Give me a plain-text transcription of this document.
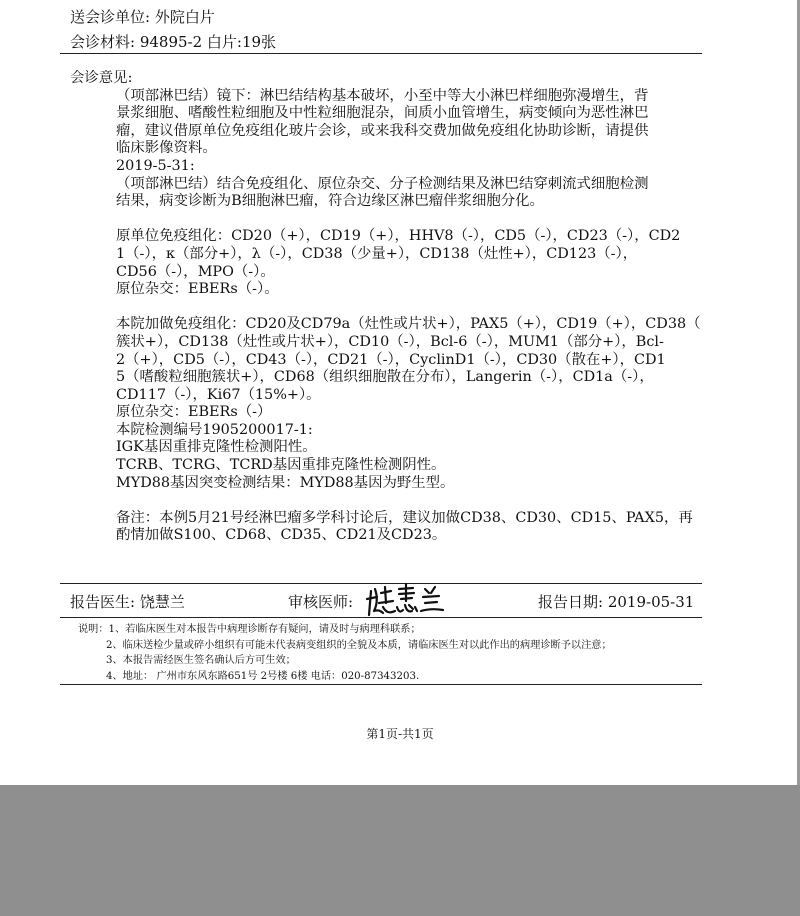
送会诊单位: 外院白片
会诊材料: 94895-2 白片:19张
会诊意见:
（项部淋巴结）镜下：淋巴结结构基本破坏，小至中等大小淋巴样细胞弥漫增生，背
景浆细胞、嗜酸性粒细胞及中性粒细胞混杂，间质小血管增生，病变倾向为恶性淋巴
瘤，建议借原单位免疫组化玻片会诊，或来我科交费加做免疫组化协助诊断，请提供
临床影像资料。
2019-5-31:
（项部淋巴结）结合免疫组化、原位杂交、分子检测结果及淋巴结穿刺流式细胞检测
结果，病变诊断为B细胞淋巴瘤，符合边缘区淋巴瘤伴浆细胞分化。
原单位免疫组化：CD20（+），CD19（+），HHV8（-），CD5（-），CD23（-），CD2
1（-），κ（部分+），λ（-），CD38（少量+），CD138（灶性+），CD123（-），
CD56（-），MPO（-）。
原位杂交：EBERs（-）。
本院加做免疫组化：CD20及CD79a（灶性或片状+），PAX5（+），CD19（+），CD38（
簇状+），CD138（灶性或片状+），CD10（-），Bcl-6（-），MUM1（部分+），Bcl-
2（+），CD5（-），CD43（-），CD21（-），CyclinD1（-），CD30（散在+），CD1
5（嗜酸粒细胞簇状+），CD68（组织细胞散在分布），Langerin（-），CD1a（-），
CD117（-），Ki67（15%+）。
原位杂交：EBERs（-）
本院检测编号1905200017-1:
IGK基因重排克隆性检测阳性。
TCRB、TCRG、TCRD基因重排克隆性检测阴性。
MYD88基因突变检测结果：MYD88基因为野生型。
备注：本例5月21号经淋巴瘤多学科讨论后，建议加做CD38、CD30、CD15、PAX5，再
酌情加做S100、CD68、CD35、CD21及CD23。
报告医生: 饶慧兰	审核医师:	报告日期: 2019-05-31
说明：1、若临床医生对本报告中病理诊断存有疑问，请及时与病理科联系；
2、临床送检少量或碎小组织有可能未代表病变组织的全貌及本质，请临床医生对以此作出的病理诊断予以注意；
3、本报告需经医生签名确认后方可生效；
4、地址： 广州市东风东路651号 2号楼 6楼 电话：020-87343203.
第1页-共1页
